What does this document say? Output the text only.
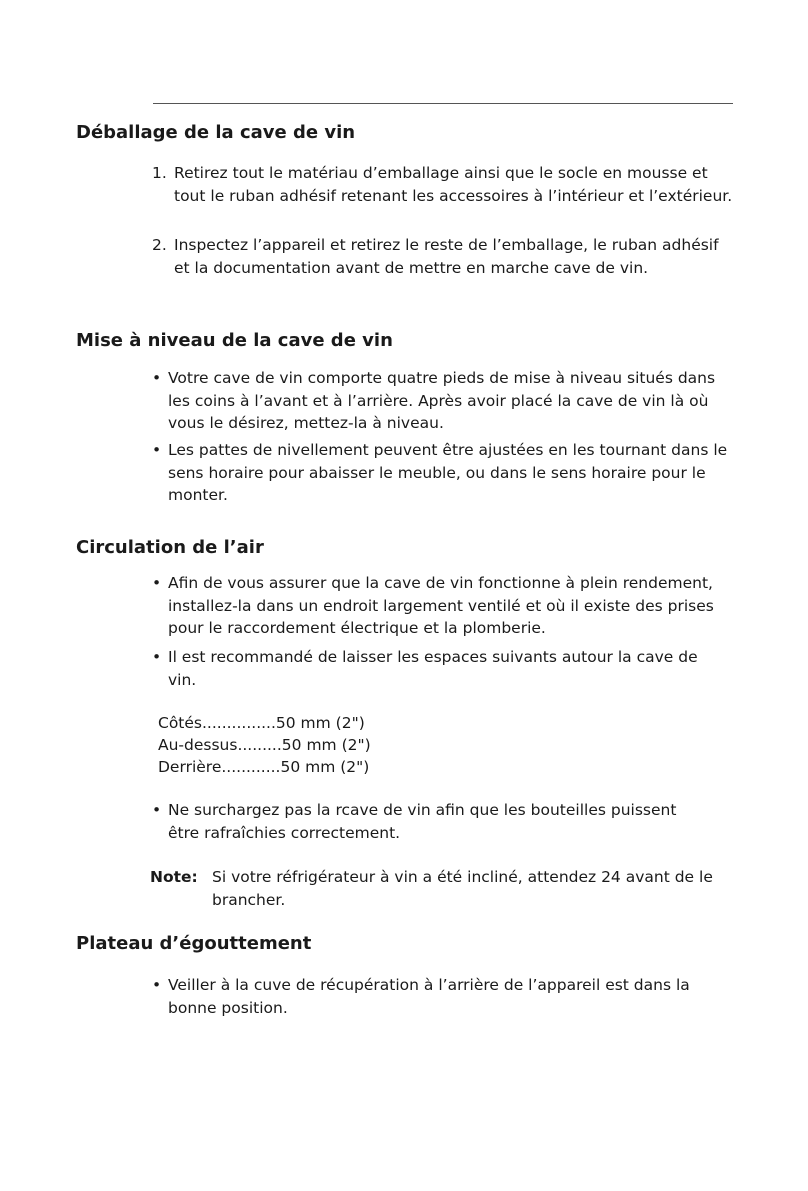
Déballage de la cave de vin
1. Retirez tout le matériau d’emballage ainsi que le socle en mousse et tout le ruban adhésif retenant les accessoires à l’intérieur et l’extérieur.

2. Inspectez l’appareil et retirez le reste de l’emballage, le ruban adhésif et la documentation avant de mettre en marche cave de vin.

Mise à niveau de la cave de vin
• Votre cave de vin comporte quatre pieds de mise à niveau situés dans les coins à l’avant et à l’arrière. Après avoir placé la cave de vin là où vous le désirez, mettez-la à niveau.

• Les pattes de nivellement peuvent être ajustées en les tournant dans le sens horaire pour abaisser le meuble, ou dans le sens horaire pour le monter.

Circulation de l’air
• Afin de vous assurer que la cave de vin fonctionne à plein rendement, installez-la dans un endroit largement ventilé et où il existe des prises pour le raccordement électrique et la plomberie.

• Il est recommandé de laisser les espaces suivants autour la cave de vin.

Côtés...............50 mm (2")
Au-dessus.........50 mm (2")
Derrière............50 mm (2")
• Ne surchargez pas la rcave de vin afin que les bouteilles puissent être rafraîchies correctement.

Note: Si votre réfrigérateur à vin a été incliné, attendez 24 avant de le brancher.

Plateau d’égouttement
• Veiller à la cuve de récupération à l’arrière de l’appareil est dans la bonne position.
